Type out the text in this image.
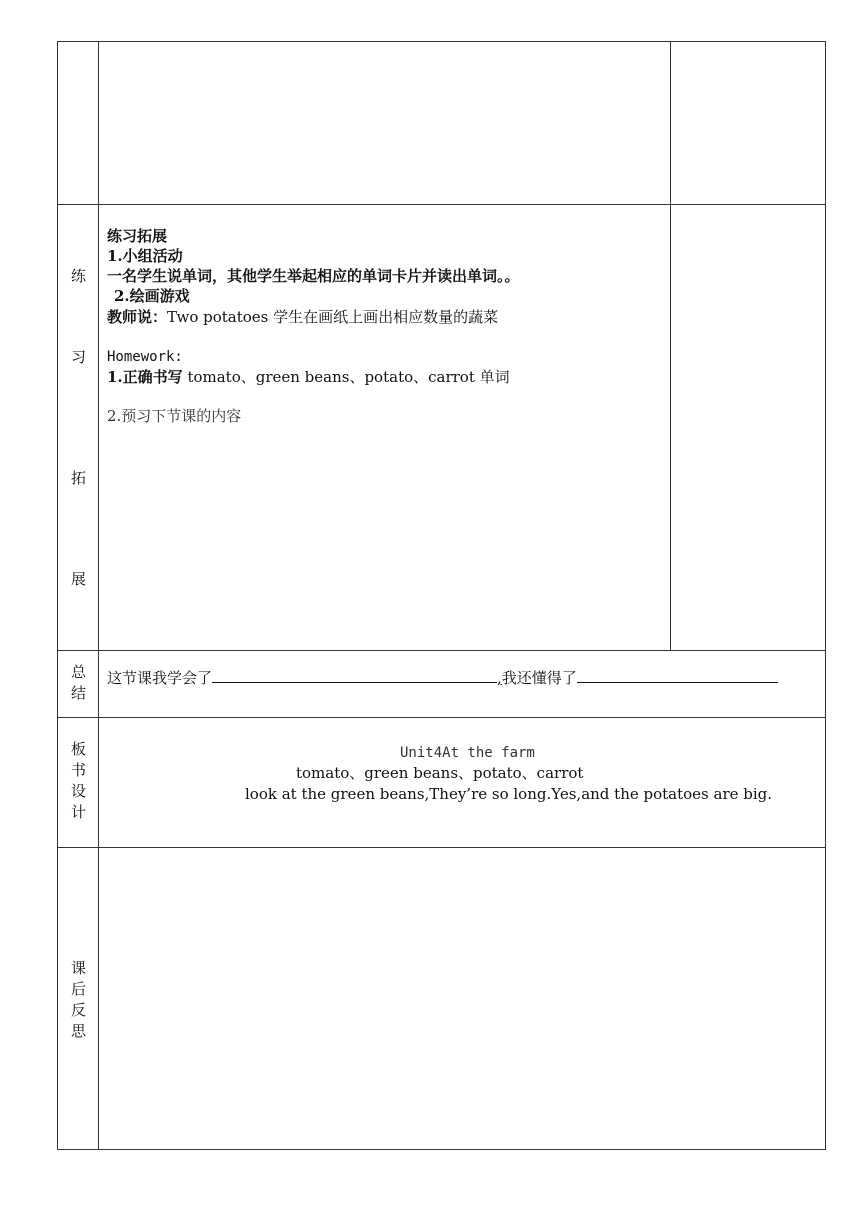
练
习
拓
展
练习拓展
1.小组活动
一名学生说单词，其他学生举起相应的单词卡片并读出单词。。
2.绘画游戏
教师说：Two potatoes 学生在画纸上画出相应数量的蔬菜
Homework:
1.正确书写 tomato、green beans、potato、carrot 单词
2.预习下节课的内容
总
结
这节课我学会了	,我还懂得了
板
书
设
计
Unit4At the farm
tomato、green beans、potato、carrot
look at the green beans,They’re so long.Yes,and the potatoes are big.
课
后
反
思
